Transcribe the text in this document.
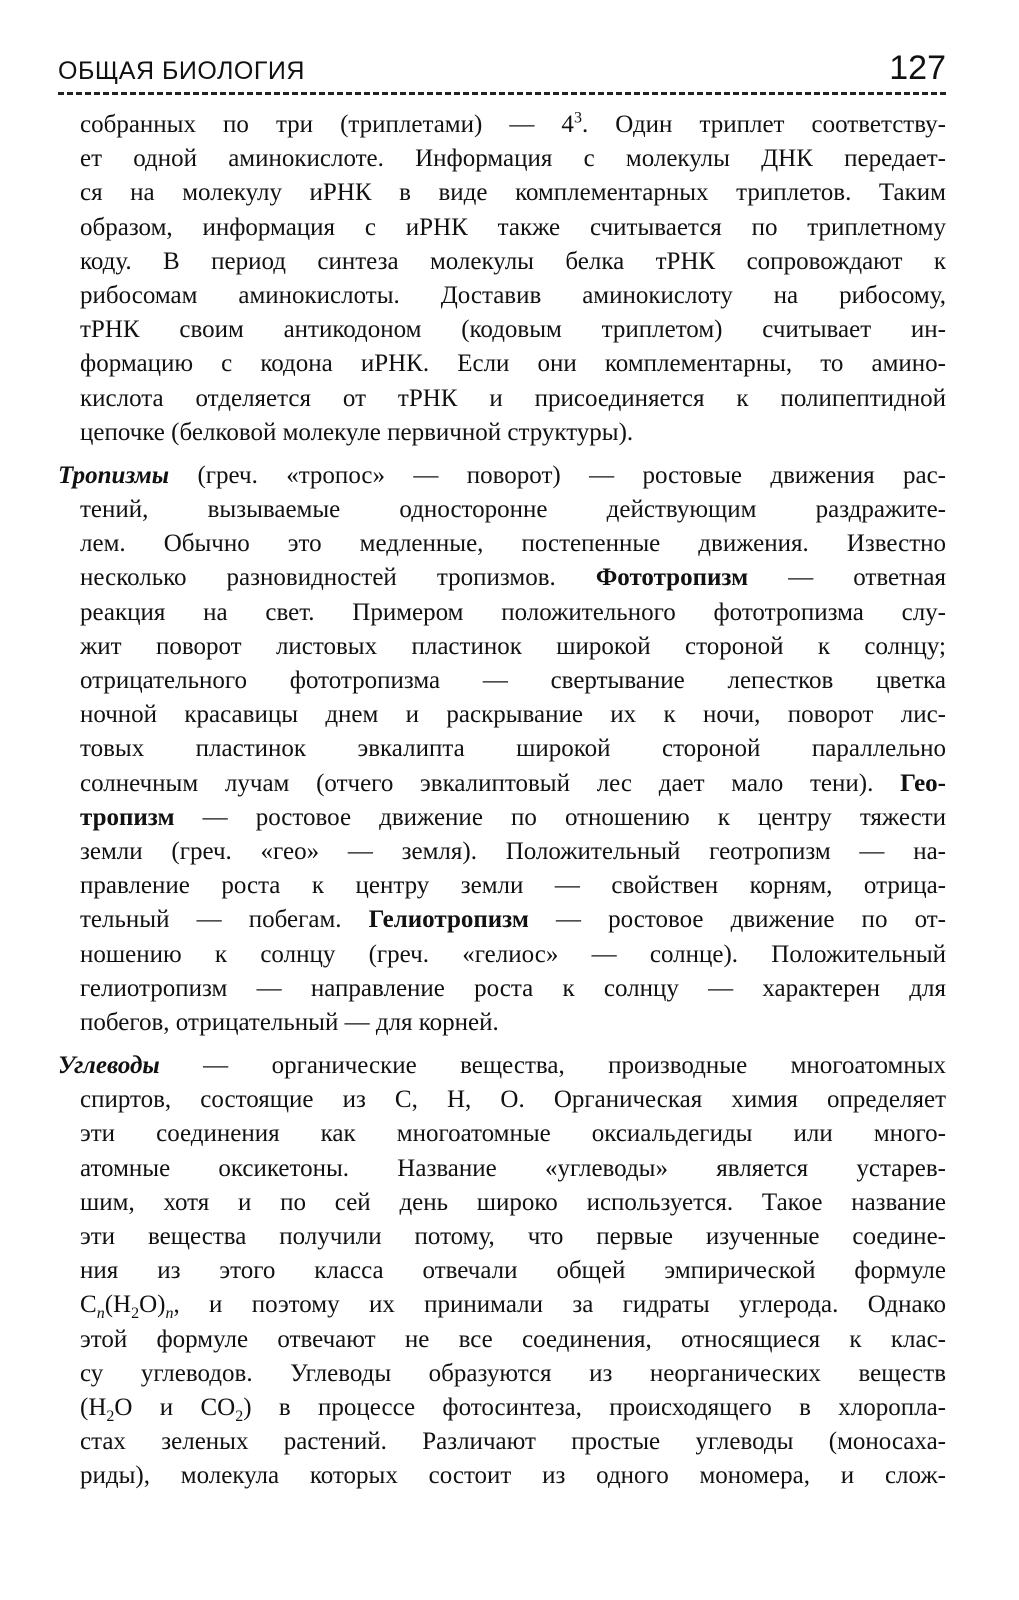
ОБЩАЯ БИОЛОГИЯ	127
собранных по три (триплетами) — $4^3$. Один триплет соответству-
ет одной аминокислоте. Информация с молекулы ДНК передает-
ся на молекулу иРНК в виде комплементарных триплетов. Таким
образом, информация с иРНК также считывается по триплетному
коду. В период синтеза молекулы белка тРНК сопровождают к
рибосомам аминокислоты. Доставив аминокислоту на рибосому,
тРНК своим антикодоном (кодовым триплетом) считывает ин-
формацию с кодона иРНК. Если они комплементарны, то амино-
кислота отделяется от тРНК и присоединяется к полипептидной
цепочке (белковой молекуле первичной структуры).
Тропизмы (греч. «тропос» — поворот) — ростовые движения рас-
тений, вызываемые односторонне действующим раздражите-
лем. Обычно это медленные, постепенные движения. Известно
несколько разновидностей тропизмов. Фототропизм — ответная
реакция на свет. Примером положительного фототропизма слу-
жит поворот листовых пластинок широкой стороной к солнцу;
отрицательного фототропизма — свертывание лепестков цветка
ночной красавицы днем и раскрывание их к ночи, поворот лис-
товых пластинок эвкалипта широкой стороной параллельно
солнечным лучам (отчего эвкалиптовый лес дает мало тени). Гео-
тропизм — ростовое движение по отношению к центру тяжести
земли (греч. «гео» — земля). Положительный геотропизм — на-
правление роста к центру земли — свойствен корням, отрица-
тельный — побегам. Гелиотропизм — ростовое движение по от-
ношению к солнцу (греч. «гелиос» — солнце). Положительный
гелиотропизм — направление роста к солнцу — характерен для
побегов, отрицательный — для корней.
Углеводы — органические вещества, производные многоатомных
спиртов, состоящие из С, Н, О. Органическая химия определяет
эти соединения как многоатомные оксиальдегиды или много-
атомные оксикетоны. Название «углеводы» является устарев-
шим, хотя и по сей день широко используется. Такое название
эти вещества получили потому, что первые изученные соедине-
ния из этого класса отвечали общей эмпирической формуле
$С_n(Н_2О)_n$, и поэтому их принимали за гидраты углерода. Однако
этой формуле отвечают не все соединения, относящиеся к клас-
су углеводов. Углеводы образуются из неорганических веществ
($Н_2О$ и $СО_2$) в процессе фотосинтеза, происходящего в хлоропла-
стах зеленых растений. Различают простые углеводы (моносаха-
риды), молекула которых состоит из одного мономера, и слож-
